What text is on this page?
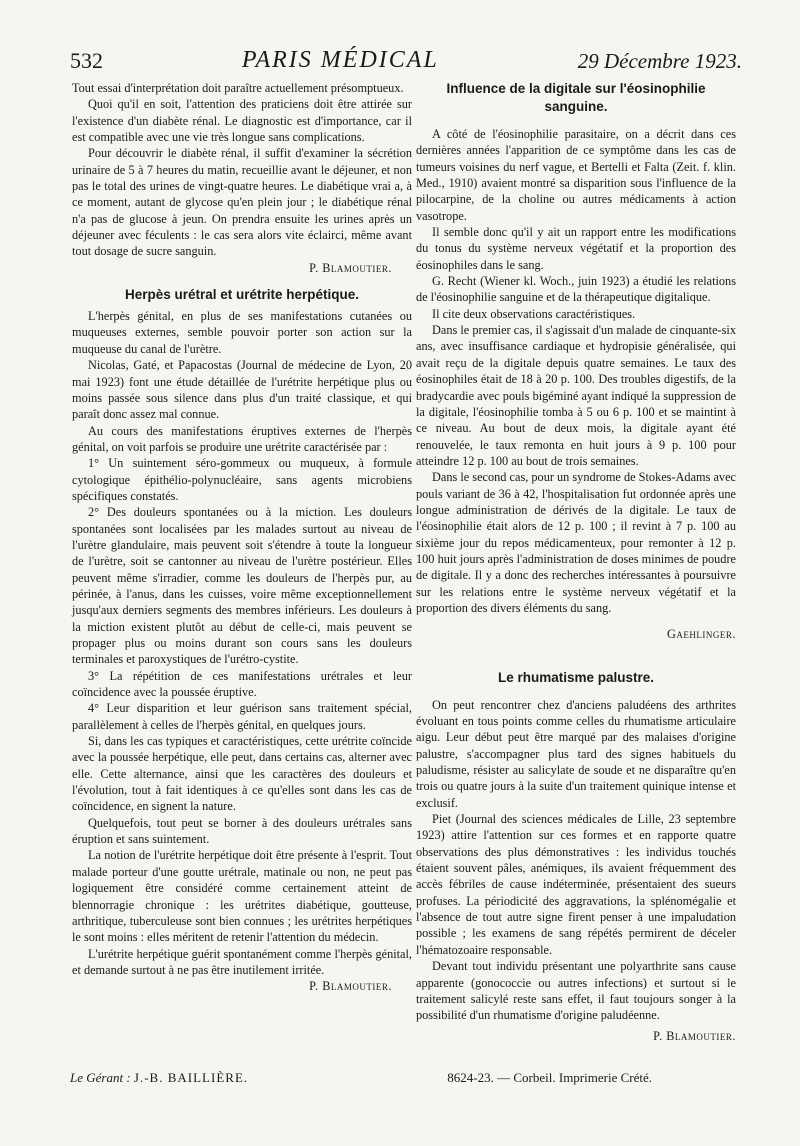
532	PARIS MÉDICAL	29 Décembre 1923.

Tout essai d'interprétation doit paraître actuellement présomptueux.

Quoi qu'il en soit, l'attention des praticiens doit être attirée sur l'existence d'un diabète rénal. Le diagnostic est d'importance, car il est compatible avec une vie très longue sans complications.

Pour découvrir le diabète rénal, il suffit d'examiner la sécrétion urinaire de 5 à 7 heures du matin, recueillie avant le déjeuner, et non pas le total des urines de vingt-quatre heures. Le diabétique vrai a, à ce moment, autant de glycose qu'en plein jour ; le diabétique rénal n'a pas de glucose à jeun. On prendra ensuite les urines après un déjeuner avec féculents : le cas sera alors vite éclairci, même avant tout dosage de sucre sanguin.

P. Blamoutier.

Herpès urétral et urétrite herpétique.

L'herpès génital, en plus de ses manifestations cutanées ou muqueuses externes, semble pouvoir porter son action sur la muqueuse du canal de l'urètre.

Nicolas, Gaté, et Papacostas (Journal de médecine de Lyon, 20 mai 1923) font une étude détaillée de l'urétrite herpétique plus ou moins passée sous silence dans plus d'un traité classique, et qui paraît donc assez mal connue.

Au cours des manifestations éruptives externes de l'herpès génital, on voit parfois se produire une urétrite caractérisée par :

1° Un suintement séro-gommeux ou muqueux, à formule cytologique épithélio-polynucléaire, sans agents microbiens spécifiques constatés.

2° Des douleurs spontanées ou à la miction. Les douleurs spontanées sont localisées par les malades surtout au niveau de l'urètre glandulaire, mais peuvent soit s'étendre à toute la longueur de l'urètre, soit se cantonner au niveau de l'urètre postérieur. Elles peuvent même s'irradier, comme les douleurs de l'herpès pur, au périnée, à l'anus, dans les cuisses, voire même exceptionnellement jusqu'aux derniers segments des membres inférieurs. Les douleurs à la miction existent plutôt au début de celle-ci, mais peuvent se propager plus ou moins durant son cours sans les douleurs terminales et paroxystiques de l'urétro-cystite.

3° La répétition de ces manifestations urétrales et leur coïncidence avec la poussée éruptive.

4° Leur disparition et leur guérison sans traitement spécial, parallèlement à celles de l'herpès génital, en quelques jours.

Si, dans les cas typiques et caractéristiques, cette urétrite coïncide avec la poussée herpétique, elle peut, dans certains cas, alterner avec elle. Cette alternance, ainsi que les caractères des douleurs et l'évolution, tout à fait identiques à ce qu'elles sont dans les cas de coïncidence, en signent la nature.

Quelquefois, tout peut se borner à des douleurs urétrales sans éruption et sans suintement.

La notion de l'urétrite herpétique doit être présente à l'esprit. Tout malade porteur d'une goutte urétrale, matinale ou non, ne peut pas logiquement être considéré comme certainement atteint de blennorragie chronique : les urétrites diabétique, goutteuse, arthritique, tuberculeuse sont bien connues ; les urétrites herpétiques le sont moins : elles méritent de retenir l'attention du médecin.

L'urétrite herpétique guérit spontanément comme l'herpès génital, et demande surtout à ne pas être inutilement irritée.

P. Blamoutier.

Influence de la digitale sur l'éosinophilie sanguine.

A côté de l'éosinophilie parasitaire, on a décrit dans ces dernières années l'apparition de ce symptôme dans les cas de tumeurs voisines du nerf vague, et Bertelli et Falta (Zeit. f. klin. Med., 1910) avaient montré sa disparition sous l'influence de la pilocarpine, de la choline ou autres médicaments à action vasotrope.

Il semble donc qu'il y ait un rapport entre les modifications du tonus du système nerveux végétatif et la proportion des éosinophiles dans le sang.

G. Recht (Wiener kl. Woch., juin 1923) a étudié les relations de l'éosinophilie sanguine et de la thérapeutique digitalique.

Il cite deux observations caractéristiques.

Dans le premier cas, il s'agissait d'un malade de cinquante-six ans, avec insuffisance cardiaque et hydropisie généralisée, qui avait reçu de la digitale depuis quatre semaines. Le taux des éosinophiles était de 18 à 20 p. 100. Des troubles digestifs, de la bradycardie avec pouls bigéminé ayant indiqué la suppression de la digitale, l'éosinophilie tomba à 5 ou 6 p. 100 et se maintint à ce niveau. Au bout de deux mois, la digitale ayant été renouvelée, le taux remonta en huit jours à 9 p. 100 pour atteindre 12 p. 100 au bout de trois semaines.

Dans le second cas, pour un syndrome de Stokes-Adams avec pouls variant de 36 à 42, l'hospitalisation fut ordonnée après une longue administration de dérivés de la digitale. Le taux de l'éosinophilie était alors de 12 p. 100 ; il revint à 7 p. 100 au sixième jour du repos médicamenteux, pour remonter à 12 p. 100 huit jours après l'administration de doses minimes de poudre de digitale. Il y a donc des recherches intéressantes à poursuivre sur les relations entre le système nerveux végétatif et la proportion des divers éléments du sang.

Gaehlinger.

Le rhumatisme palustre.

On peut rencontrer chez d'anciens paludéens des arthrites évoluant en tous points comme celles du rhumatisme articulaire aigu. Leur début peut être marqué par des malaises d'origine palustre, s'accompagner plus tard des signes habituels du paludisme, résister au salicylate de soude et ne disparaître qu'en trois ou quatre jours à la suite d'un traitement quinique intense et exclusif.

Piet (Journal des sciences médicales de Lille, 23 septembre 1923) attire l'attention sur ces formes et en rapporte quatre observations des plus démonstratives : les individus touchés étaient souvent pâles, anémiques, ils avaient fréquemment des accès fébriles de cause indéterminée, présentaient des sueurs profuses. La périodicité des aggravations, la splénomégalie et l'absence de tout autre signe firent penser à une impaludation possible ; les examens de sang répétés permirent de déceler l'hématozoaire responsable.

Devant tout individu présentant une polyarthrite sans cause apparente (gonococcie ou autres infections) et surtout si le traitement salicylé reste sans effet, il faut toujours songer à la possibilité d'un rhumatisme d'origine paludéenne.

P. Blamoutier.

Le Gérant : J.-B. BAILLIÈRE.	8624-23. — Corbeil. Imprimerie Crété.
